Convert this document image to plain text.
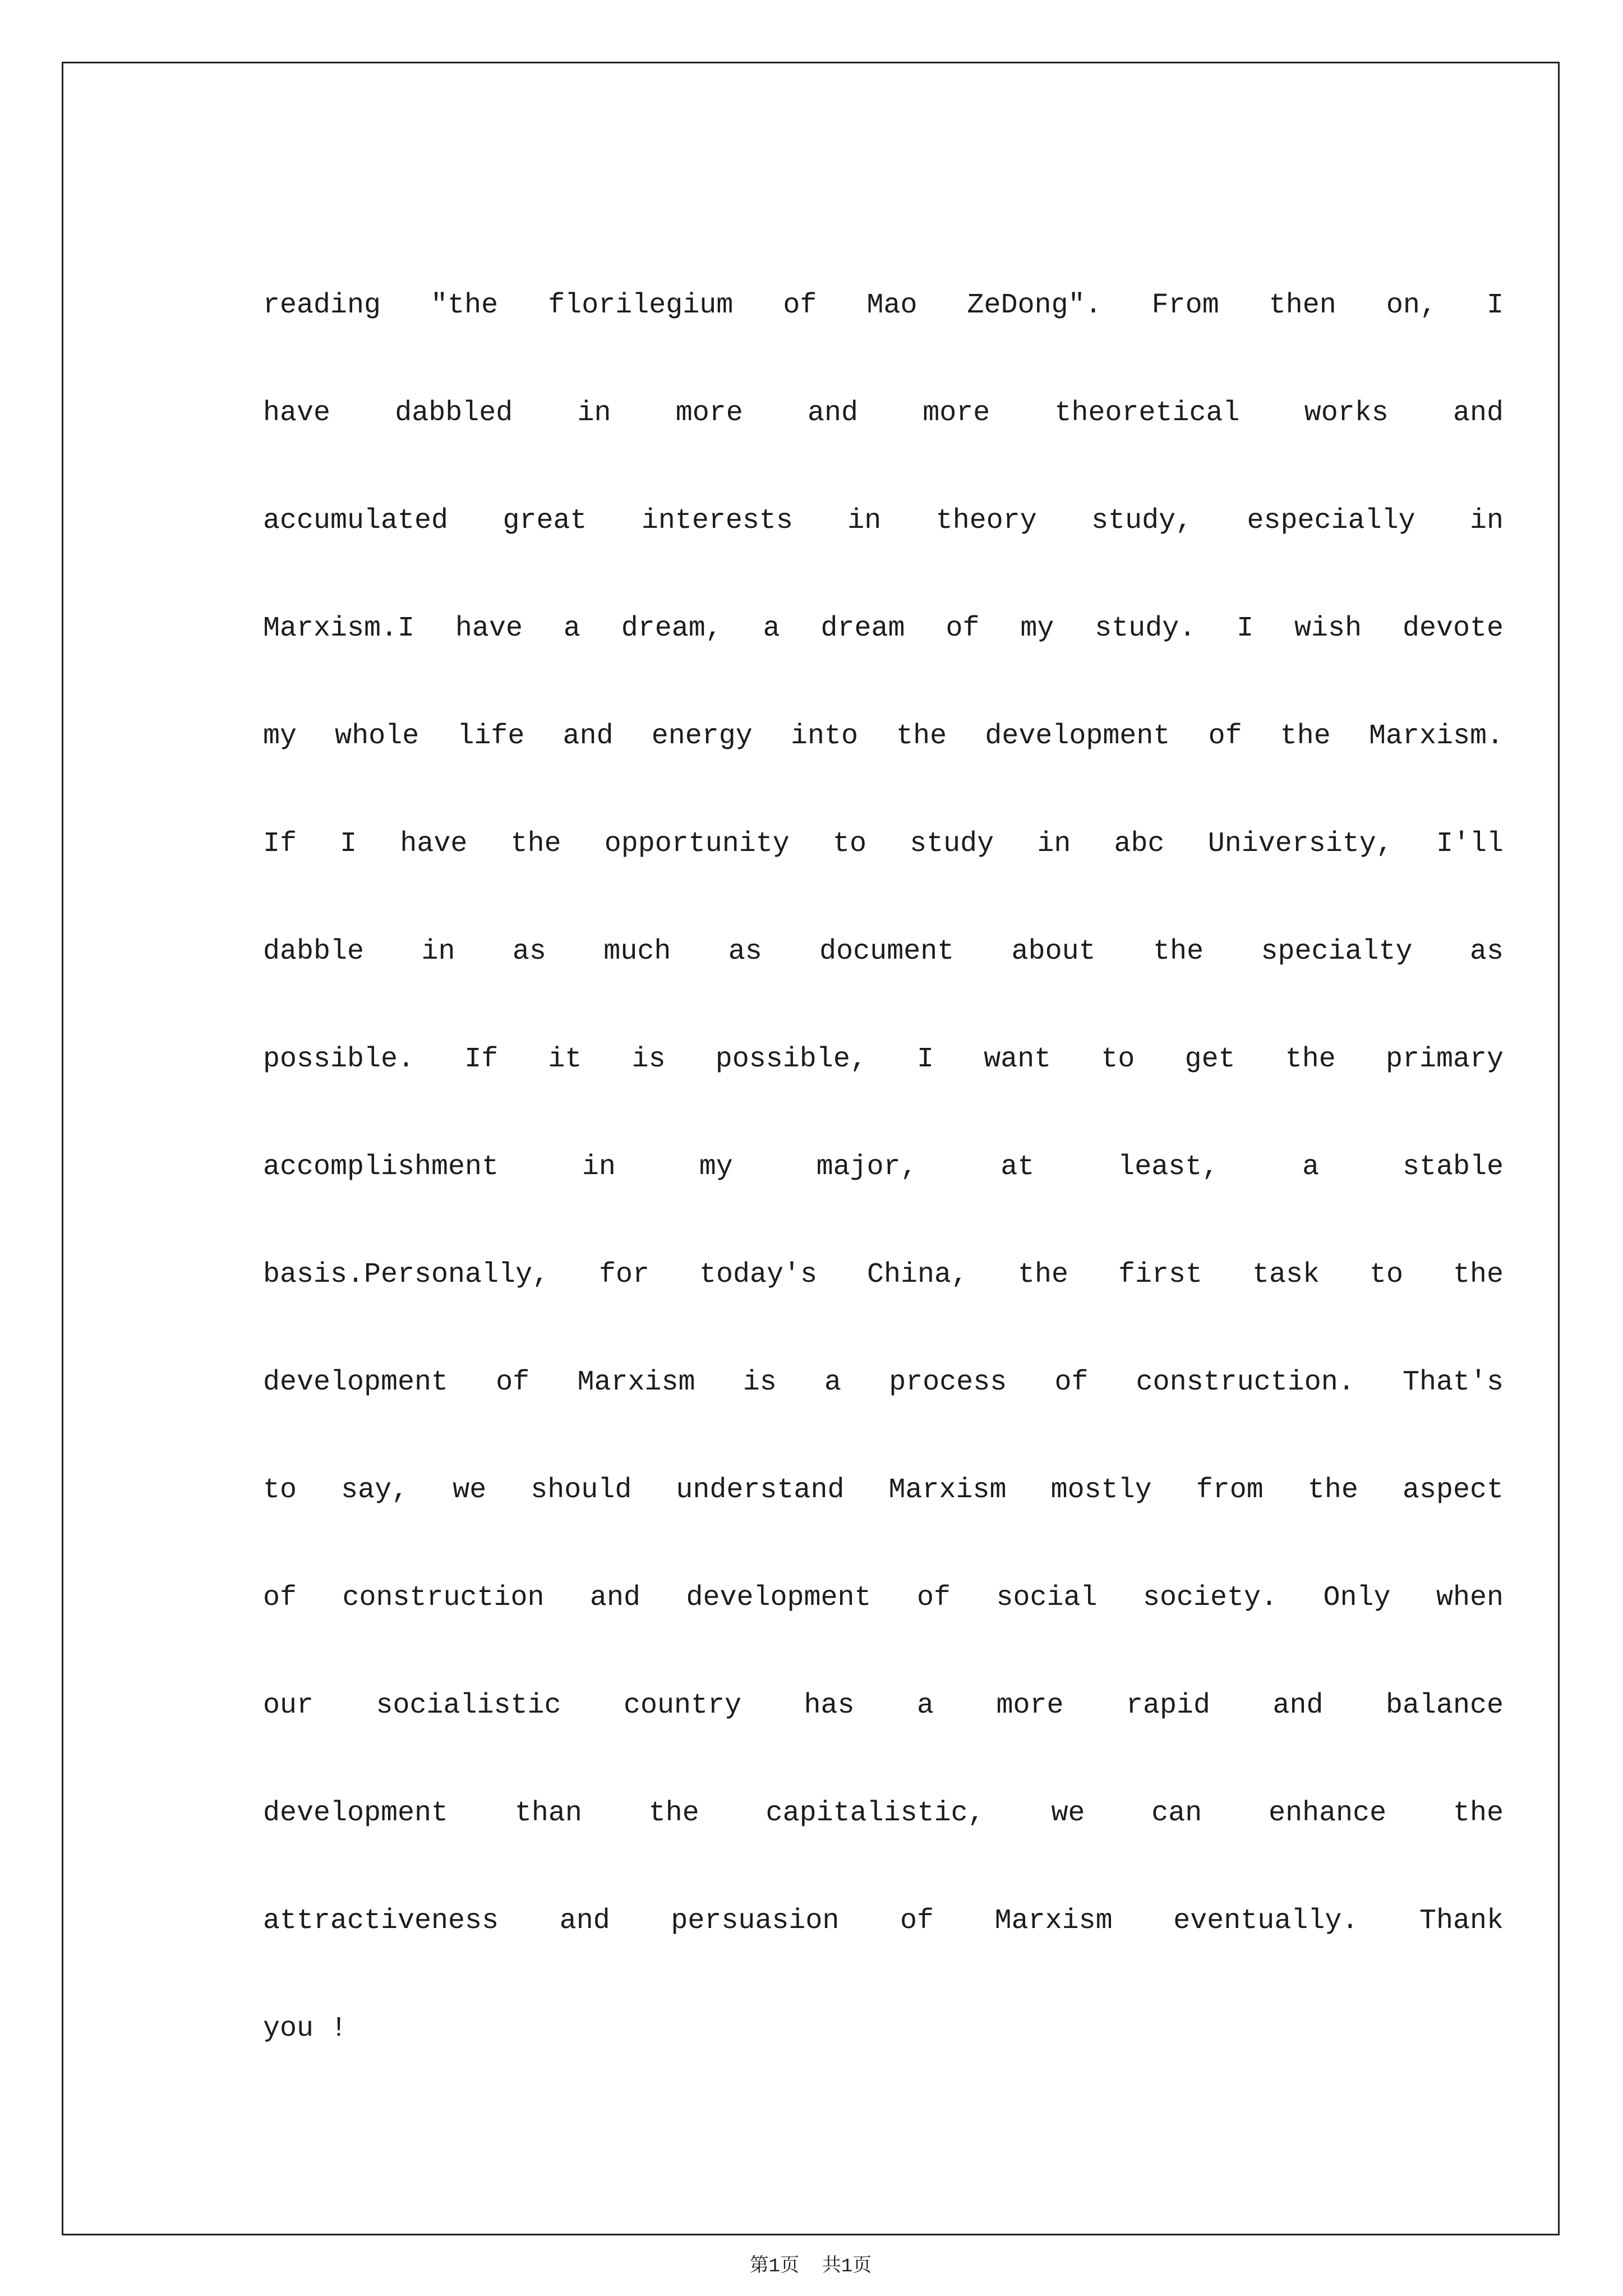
reading "the florilegium of Mao ZeDong". From then on, I
have dabbled in more and more theoretical works and
accumulated great interests in theory study, especially in
Marxism.I have a dream, a dream of my study. I wish devote
my whole life and energy into the development of the Marxism.
If I have the opportunity to study in abc University, I'll
dabble in as much as document about the specialty as
possible. If it is possible, I want to get the primary
accomplishment in my major, at least, a stable
basis.Personally, for today's China, the first task to the
development of Marxism is a process of construction. That's
to say, we should understand Marxism mostly from the aspect
of construction and development of social society. Only when
our socialistic country has a more rapid and balance
development than the capitalistic, we can enhance the
attractiveness and persuasion of Marxism eventually. Thank
you !
第1页  共1页
